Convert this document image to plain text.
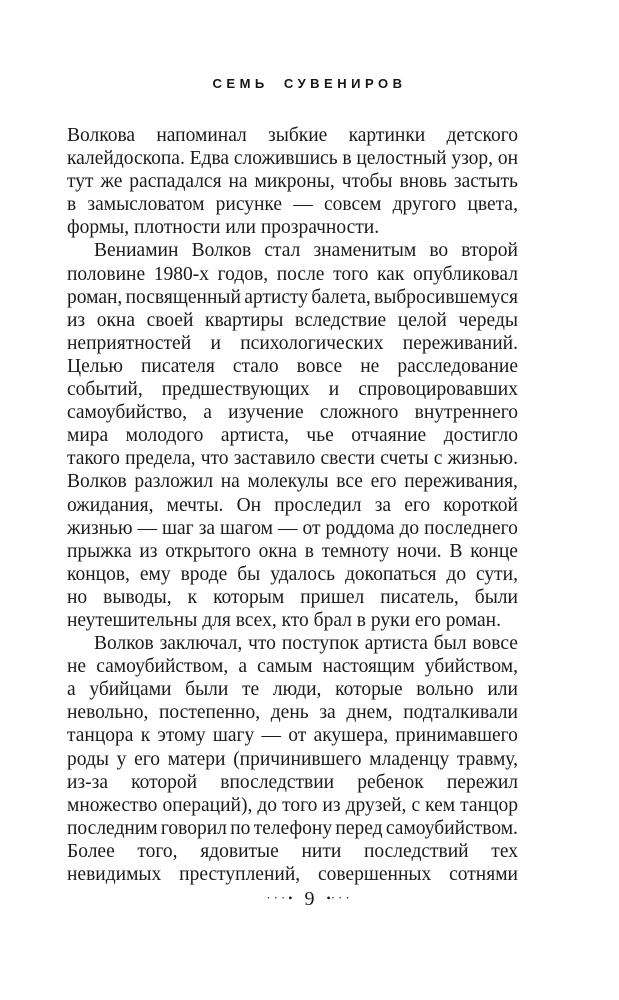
СЕМЬ СУВЕНИРОВ
Волкова напоминал зыбкие картинки детского
калейдоскопа. Едва сложившись в целостный узор, он
тут же распадался на микроны, чтобы вновь застыть
в замысловатом рисунке — совсем другого цвета,
формы, плотности или прозрачности.
Вениамин Волков стал знаменитым во второй
половине 1980-х годов, после того как опубликовал
роман, посвященный артисту балета, выбросившемуся
из окна своей квартиры вследствие целой череды
неприятностей и психологических переживаний.
Целью писателя стало вовсе не расследование
событий, предшествующих и спровоцировавших
самоубийство, а изучение сложного внутреннего
мира молодого артиста, чье отчаяние достигло
такого предела, что заставило свести счеты с жизнью.
Волков разложил на молекулы все его переживания,
ожидания, мечты. Он проследил за его короткой
жизнью — шаг за шагом — от роддома до последнего
прыжка из открытого окна в темноту ночи. В конце
концов, ему вроде бы удалось докопаться до сути,
но выводы, к которым пришел писатель, были
неутешительны для всех, кто брал в руки его роман.
Волков заключал, что поступок артиста был вовсе
не самоубийством, а самым настоящим убийством,
а убийцами были те люди, которые вольно или
невольно, постепенно, день за днем, подталкивали
танцора к этому шагу — от акушера, принимавшего
роды у его матери (причинившего младенцу травму,
из-за которой впоследствии ребенок пережил
множество операций), до того из друзей, с кем танцор
последним говорил по телефону перед самоубийством.
Более того, ядовитые нити последствий тех
невидимых преступлений, совершенных сотнями
···• 9 •···
